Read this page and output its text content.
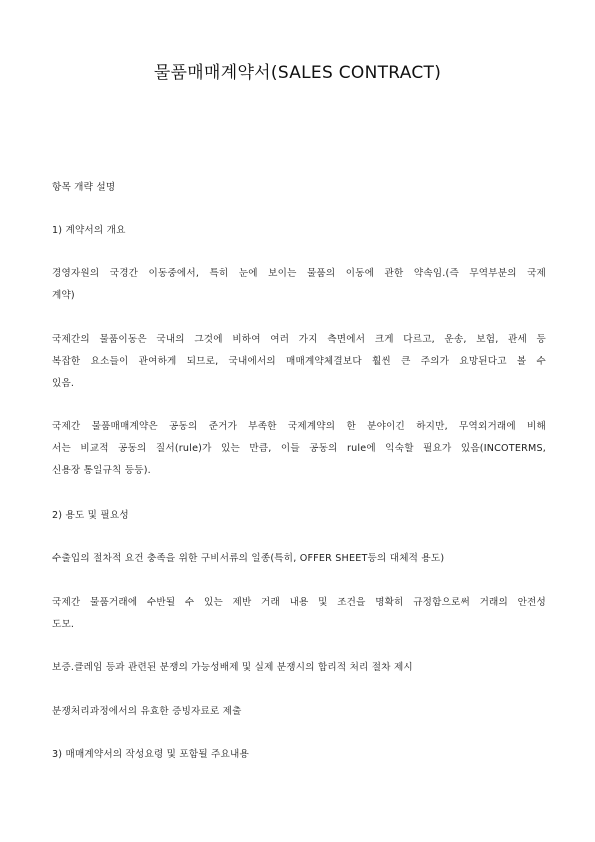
물품매매계약서(SALES CONTRACT)
항목 개략 설명
1) 계약서의 개요
경영자원의 국경간 이동중에서, 특히 눈에 보이는 물품의 이동에 관한 약속임.(즉 무역부분의 국제
계약)
국제간의 물품이동은 국내의 그것에 비하여 여러 가지 측면에서 크게 다르고, 운송, 보험, 관세 등
복잡한 요소들이 관여하게 되므로, 국내에서의 매매계약체결보다 훨씬 큰 주의가 요망된다고 볼 수
있음.
국제간 물품매매계약은 공동의 준거가 부족한 국제계약의 한 분야이긴 하지만, 무역외거래에 비해
서는 비교적 공동의 질서(rule)가 있는 만큼, 이들 공동의 rule에 익숙할 필요가 있음(INCOTERMS,
신용장 통일규칙 등등).
2) 용도 및 필요성
수출입의 절차적 요건 충족을 위한 구비서류의 일종(특히, OFFER SHEET등의 대체적 용도)
국제간 물품거래에 수반될 수 있는 제반 거래 내용 및 조건을 명확히 규정함으로써 거래의 안전성
도모.
보증.클레임 등과 관련된 분쟁의 가능성배제 및 실제 분쟁시의 합리적 처리 절차 제시
분쟁처리과정에서의 유효한 증빙자료로 제출
3) 매매계약서의 작성요령 및 포함될 주요내용
